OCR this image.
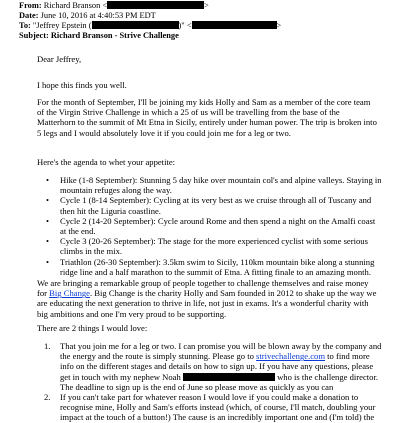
From: Richard Branson <	>
Date: June 10, 2016 at 4:40:53 PM EDT
To: "Jeffrey Epstein (	)" <	>
Subject: Richard Branson - Strive Challenge

Dear Jeffrey,

I hope this finds you well.

For the month of September, I'll be joining my kids Holly and Sam as a member of the core team of the Virgin Strive Challenge in which a 25 of us will be travelling from the base of the Matterhorn to the summit of Mt Etna in Sicily, entirely under human power. The trip is broken into 5 legs and I would absolutely love it if you could join me for a leg or two.

Here's the agenda to whet your appetite:

• Hike (1-8 September): Stunning 5 day hike over mountain col's and alpine valleys. Staying in mountain refuges along the way.
• Cycle 1 (8-14 September): Cycling at its very best as we cruise through all of Tuscany and then hit the Liguria coastline.
• Cycle 2 (14-20 September): Cycle around Rome and then spend a night on the Amalfi coast at the end.
• Cycle 3 (20-26 September): The stage for the more experienced cyclist with some serious climbs in the mix.
• Triathlon (26-30 September): 3.5km swim to Sicily, 110km mountain bike along a stunning ridge line and a half marathon to the summit of Etna. A fitting finale to an amazing month.

We are bringing a remarkable group of people together to challenge themselves and raise money for Big Change. Big Change is the charity Holly and Sam founded in 2012 to shake up the way we are educating the next generation to thrive in life, not just in exams. It's a wonderful charity with big ambitions and one I'm very proud to be supporting.

There are 2 things I would love:

1. That you join me for a leg or two. I can promise you will be blown away by the company and the energy and the route is simply stunning. Please go to strivechallenge.com to find more info on the different stages and details on how to sign up. If you have any questions, please get in touch with my nephew Noah	who is the challenge director. The deadline to sign up is the end of June so please move as quickly as you can
2. If you can't take part for whatever reason I would love if you could make a donation to recognise mine, Holly and Sam's efforts instead (which, of course, I'll match, doubling your impact at the touch of a button!) The cause is an incredibly important one and (I'm told) the
